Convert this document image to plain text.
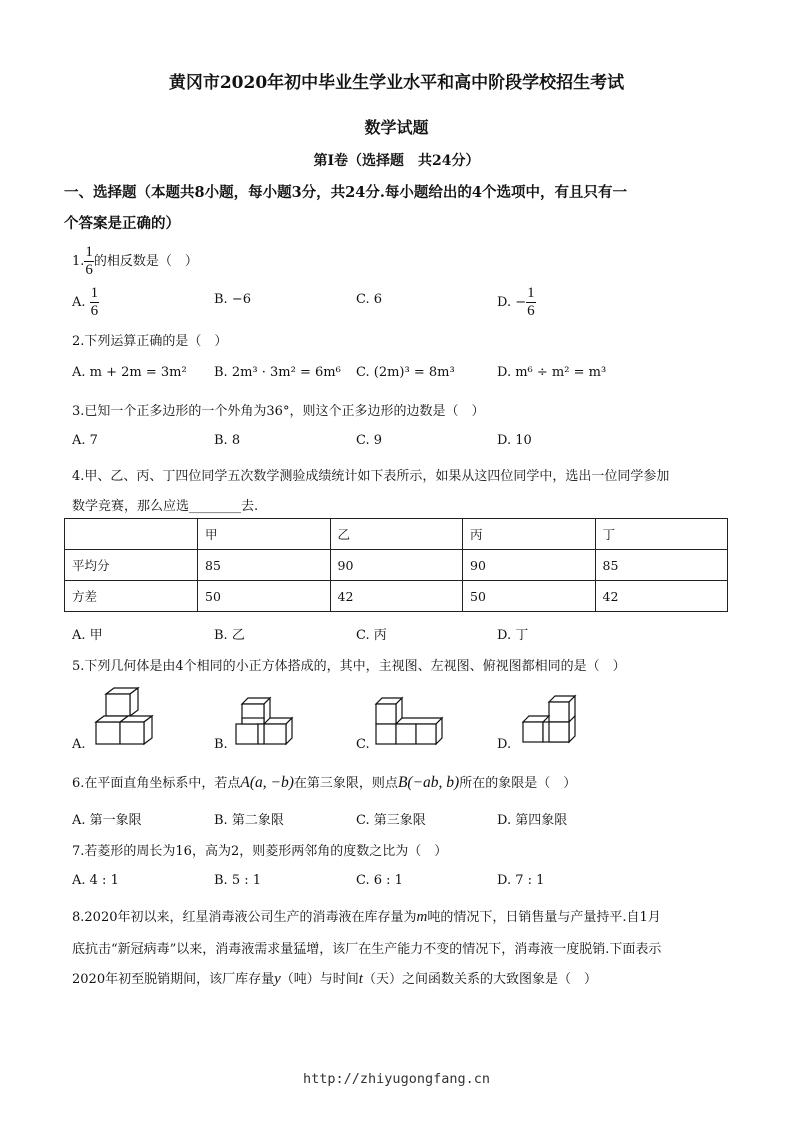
黄冈市2020年初中毕业生学业水平和高中阶段学校招生考试
数学试题
第Ⅰ卷（选择题　共24分）
一、选择题（本题共8小题，每小题3分，共24分.每小题给出的4个选项中，有且只有一
个答案是正确的）
1. $\frac{1}{6}$ 的相反数是（　）
A. $\frac{1}{6}$	B. −6	C. 6	D. − $\frac{1}{6}$
2.下列运算正确的是（　）
A. m + 2m = 3m² B. 2m³ · 3m² = 6m⁶ C. (2m)³ = 8m³	D. m⁶ ÷ m² = m³
3.已知一个正多边形的一个外角为36°，则这个正多边形的边数是（　）
A. 7	B. 8	C. 9	D. 10
4.甲、乙、丙、丁四位同学五次数学测验成绩统计如下表所示，如果从这四位同学中，选出一位同学参加
数学竞赛，那么应选________去.
	甲	乙	丙	丁
平均分	85	90	90	85
方差	50	42	50	42
A. 甲	B. 乙	C. 丙	D. 丁
5.下列几何体是由4个相同的小正方体搭成的，其中，主视图、左视图、俯视图都相同的是（　）
A.	B.	C.	D.
6.在平面直角坐标系中，若点A(a, −b)在第三象限，则点B(−ab, b)所在的象限是（　）
A. 第一象限	B. 第二象限	C. 第三象限	D. 第四象限
7.若菱形的周长为16，高为2，则菱形两邻角的度数之比为（　）
A. 4 : 1	B. 5 : 1	C. 6 : 1	D. 7 : 1
8.2020年初以来，红星消毒液公司生产的消毒液在库存量为m吨的情况下，日销售量与产量持平.自1月
底抗击“新冠病毒”以来，消毒液需求量猛增，该厂在生产能力不变的情况下，消毒液一度脱销.下面表示
2020年初至脱销期间，该厂库存量y（吨）与时间t（天）之间函数关系的大致图象是（　）
http://zhiyugongfang.cn
